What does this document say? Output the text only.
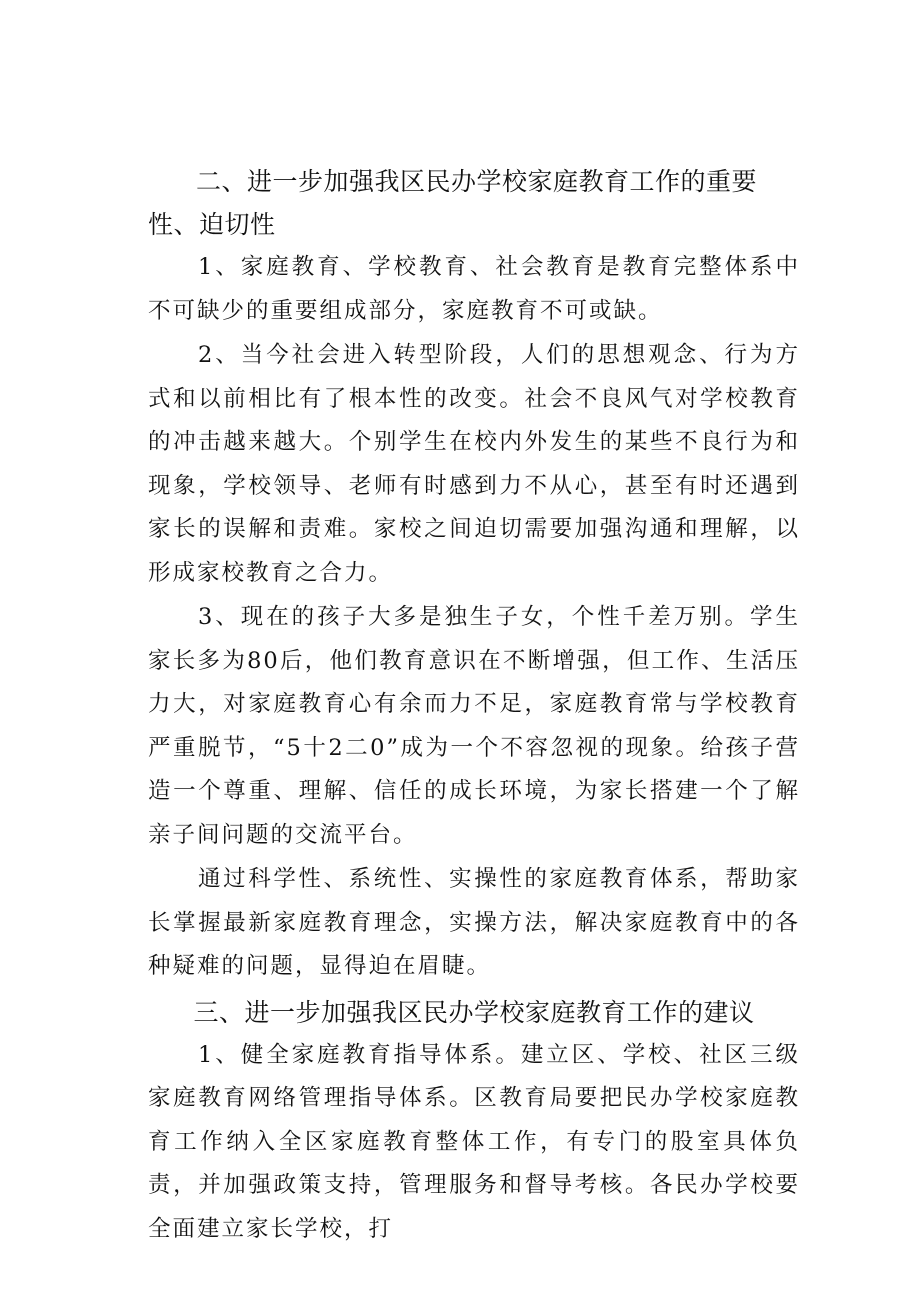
二、进一步加强我区民办学校家庭教育工作的重要性、迫切性

1、家庭教育、学校教育、社会教育是教育完整体系中不可缺少的重要组成部分，家庭教育不可或缺。

2、当今社会进入转型阶段，人们的思想观念、行为方式和以前相比有了根本性的改变。社会不良风气对学校教育的冲击越来越大。个别学生在校内外发生的某些不良行为和现象，学校领导、老师有时感到力不从心，甚至有时还遇到家长的误解和责难。家校之间迫切需要加强沟通和理解，以形成家校教育之合力。

3、现在的孩子大多是独生子女，个性千差万别。学生家长多为80后，他们教育意识在不断增强，但工作、生活压力大，对家庭教育心有余而力不足，家庭教育常与学校教育严重脱节，“5十2二0”成为一个不容忽视的现象。给孩子营造一个尊重、理解、信任的成长环境，为家长搭建一个了解亲子间问题的交流平台。

通过科学性、系统性、实操性的家庭教育体系，帮助家长掌握最新家庭教育理念，实操方法，解决家庭教育中的各种疑难的问题，显得迫在眉睫。

三、进一步加强我区民办学校家庭教育工作的建议

1、健全家庭教育指导体系。建立区、学校、社区三级家庭教育网络管理指导体系。区教育局要把民办学校家庭教育工作纳入全区家庭教育整体工作，有专门的股室具体负责，并加强政策支持，管理服务和督导考核。各民办学校要全面建立家长学校，打
